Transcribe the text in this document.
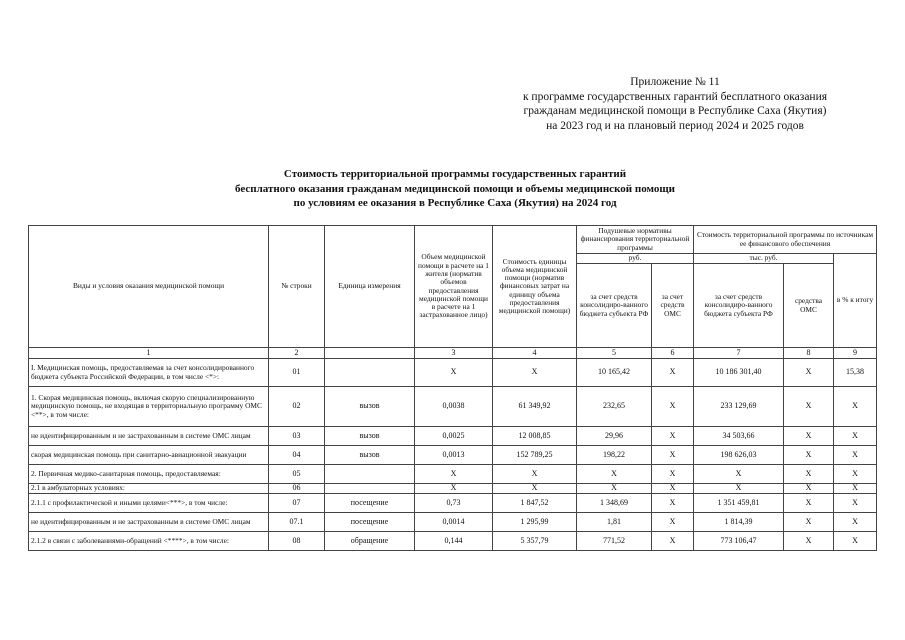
Приложение № 11
к программе государственных гарантий бесплатного оказания
гражданам медицинской помощи в Республике Саха (Якутия)
на 2023 год и на плановый период 2024 и 2025 годов
Стоимость территориальной программы государственных гарантий
бесплатного оказания гражданам медицинской помощи и объемы медицинской помощи
по условиям ее оказания в Республике Саха (Якутия) на 2024 год
Виды и условия оказания медицинской помощи	№ строки	Единица измерения	Объем медицинской помощи в расчете на 1 жителя (норматив объемов предоставления медицинской помощи в расчете на 1 застрахованное лицо)	Стоимость единицы объема медицинской помощи (норматив финансовых затрат на единицу объема предоставления медицинской помощи)	Подушевые нормативы финансирования территориальной программы		Стоимость территориальной программы по источникам ее финансового обеспечения		
					руб.		тыс. руб.		в % к итогу
					за счет средств консолидиро-ванного бюджета субъекта РФ	за счет средств ОМС	за счет средств консолидиро-ванного бюджета субъекта РФ	средства ОМС	
1	2		3	4	5	6	7	8	9
I. Медицинская помощь, предоставляемая за счет консолидированного бюджета субъекта Российской Федерации, в том числе <*>:	01		Х	Х	10 165,42	Х	10 186 301,40	Х	15,38
1. Скорая медицинская помощь, включая скорую специализированную медицинскую помощь, не входящая в территориальную программу ОМС <**>, в том числе:	02	вызов	0,0038	61 349,92	232,65	Х	233 129,69	Х	Х
не идентифицированным и не застрахованным в системе ОМС лицам	03	вызов	0,0025	12 008,85	29,96	Х	34 503,66	Х	Х
скорая медицинская помощь при санитарно-авиационной эвакуации	04	вызов	0,0013	152 789,25	198,22	Х	198 626,03	Х	Х
2. Первичная медико-санитарная помощь, предоставляемая:	05		Х	Х	Х	Х	Х	Х	Х
2.1 в амбулаторных условиях:	06		Х	Х	Х	Х	Х	Х	Х
2.1.1 с профилактической и иными целями<***>, в том числе:	07	посещение	0,73	1 847,52	1 348,69	Х	1 351 459,81	Х	Х
не идентифицированным и не застрахованным в системе ОМС лицам	07.1	посещение	0,0014	1 295,99	1,81	Х	1 814,39	Х	Х
2.1.2 в связи с заболеваниями-обращений <****>, в том числе:	08	обращение	0,144	5 357,79	771,52	Х	773 106,47	Х	Х
